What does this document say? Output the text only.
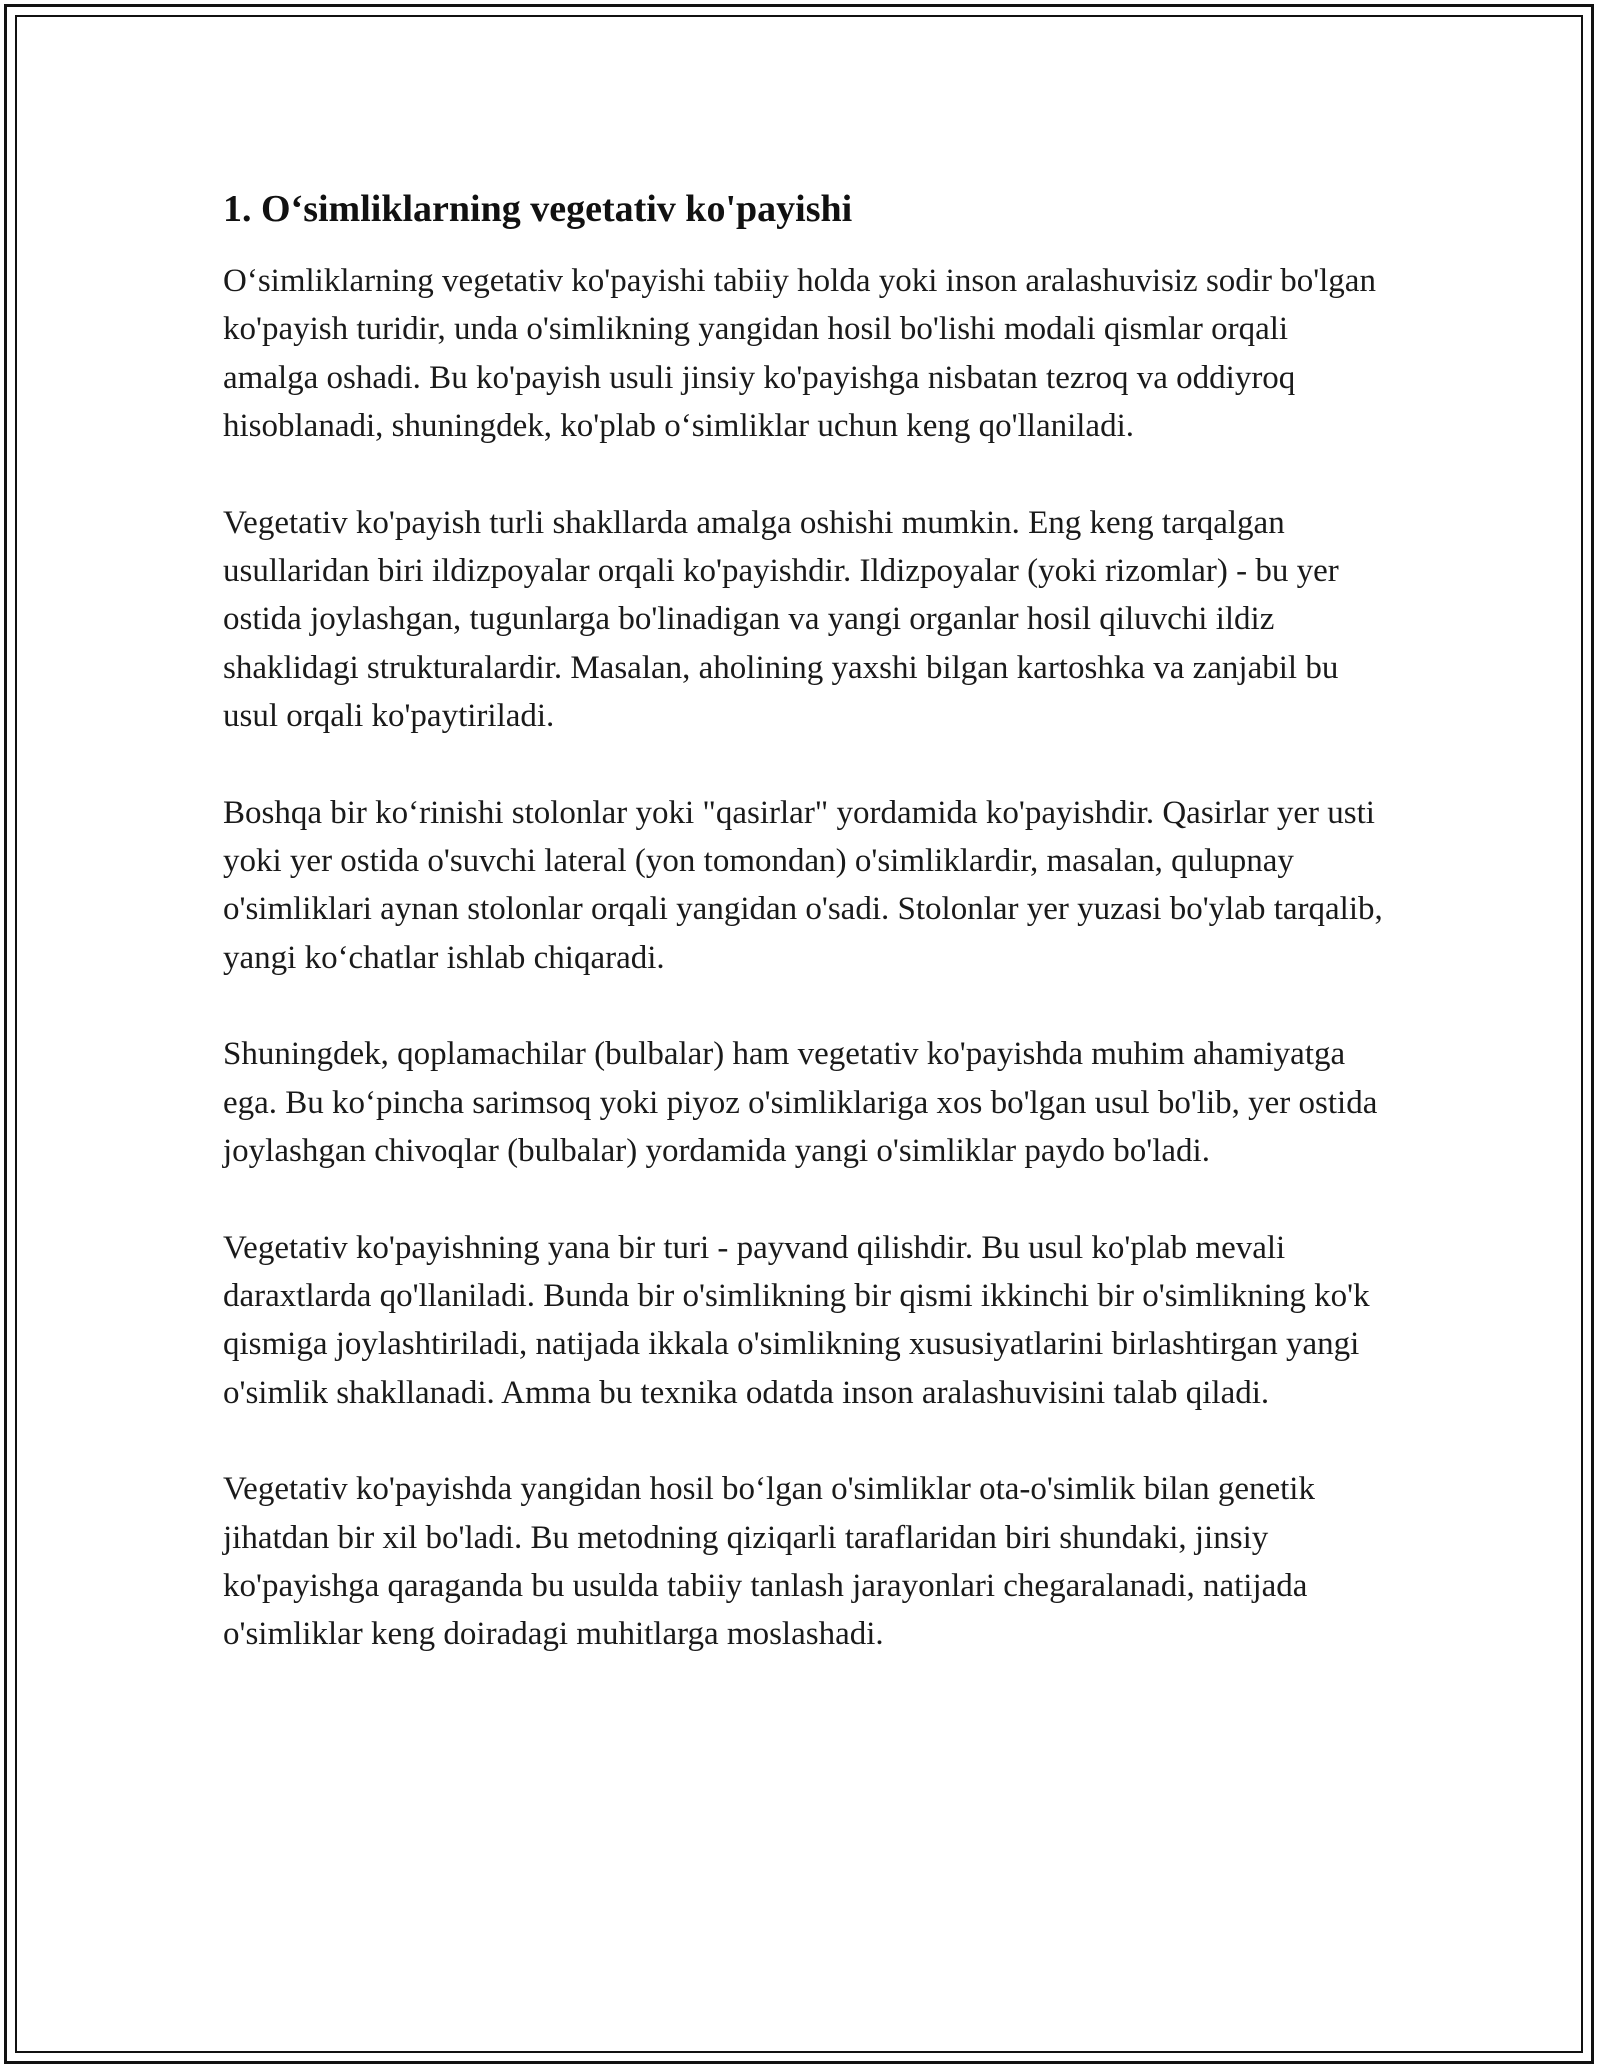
1. O‘simliklarning vegetativ ko'payishi

O‘simliklarning vegetativ ko'payishi tabiiy holda yoki inson aralashuvisiz sodir bo'lgan ko'payish turidir, unda o'simlikning yangidan hosil bo'lishi modali qismlar orqali amalga oshadi. Bu ko'payish usuli jinsiy ko'payishga nisbatan tezroq va oddiyroq hisoblanadi, shuningdek, ko'plab o‘simliklar uchun keng qo'llaniladi.

Vegetativ ko'payish turli shakllarda amalga oshishi mumkin. Eng keng tarqalgan usullaridan biri ildizpoyalar orqali ko'payishdir. Ildizpoyalar (yoki rizomlar) - bu yer ostida joylashgan, tugunlarga bo'linadigan va yangi organlar hosil qiluvchi ildiz shaklidagi strukturalardir. Masalan, aholining yaxshi bilgan kartoshka va zanjabil bu usul orqali ko'paytiriladi.

Boshqa bir ko‘rinishi stolonlar yoki "qasirlar" yordamida ko'payishdir. Qasirlar yer usti yoki yer ostida o'suvchi lateral (yon tomondan) o'simliklardir, masalan, qulupnay o'simliklari aynan stolonlar orqali yangidan o'sadi. Stolonlar yer yuzasi bo'ylab tarqalib, yangi ko‘chatlar ishlab chiqaradi.

Shuningdek, qoplamachilar (bulbalar) ham vegetativ ko'payishda muhim ahamiyatga ega. Bu ko‘pincha sarimsoq yoki piyoz o'simliklariga xos bo'lgan usul bo'lib, yer ostida joylashgan chivoqlar (bulbalar) yordamida yangi o'simliklar paydo bo'ladi.

Vegetativ ko'payishning yana bir turi - payvand qilishdir. Bu usul ko'plab mevali daraxtlarda qo'llaniladi. Bunda bir o'simlikning bir qismi ikkinchi bir o'simlikning ko'k qismiga joylashtiriladi, natijada ikkala o'simlikning xususiyatlarini birlashtirgan yangi o'simlik shakllanadi. Amma bu texnika odatda inson aralashuvisini talab qiladi.

Vegetativ ko'payishda yangidan hosil bo‘lgan o'simliklar ota-o'simlik bilan genetik jihatdan bir xil bo'ladi. Bu metodning qiziqarli taraflaridan biri shundaki, jinsiy ko'payishga qaraganda bu usulda tabiiy tanlash jarayonlari chegaralanadi, natijada o'simliklar keng doiradagi muhitlarga moslashadi.
